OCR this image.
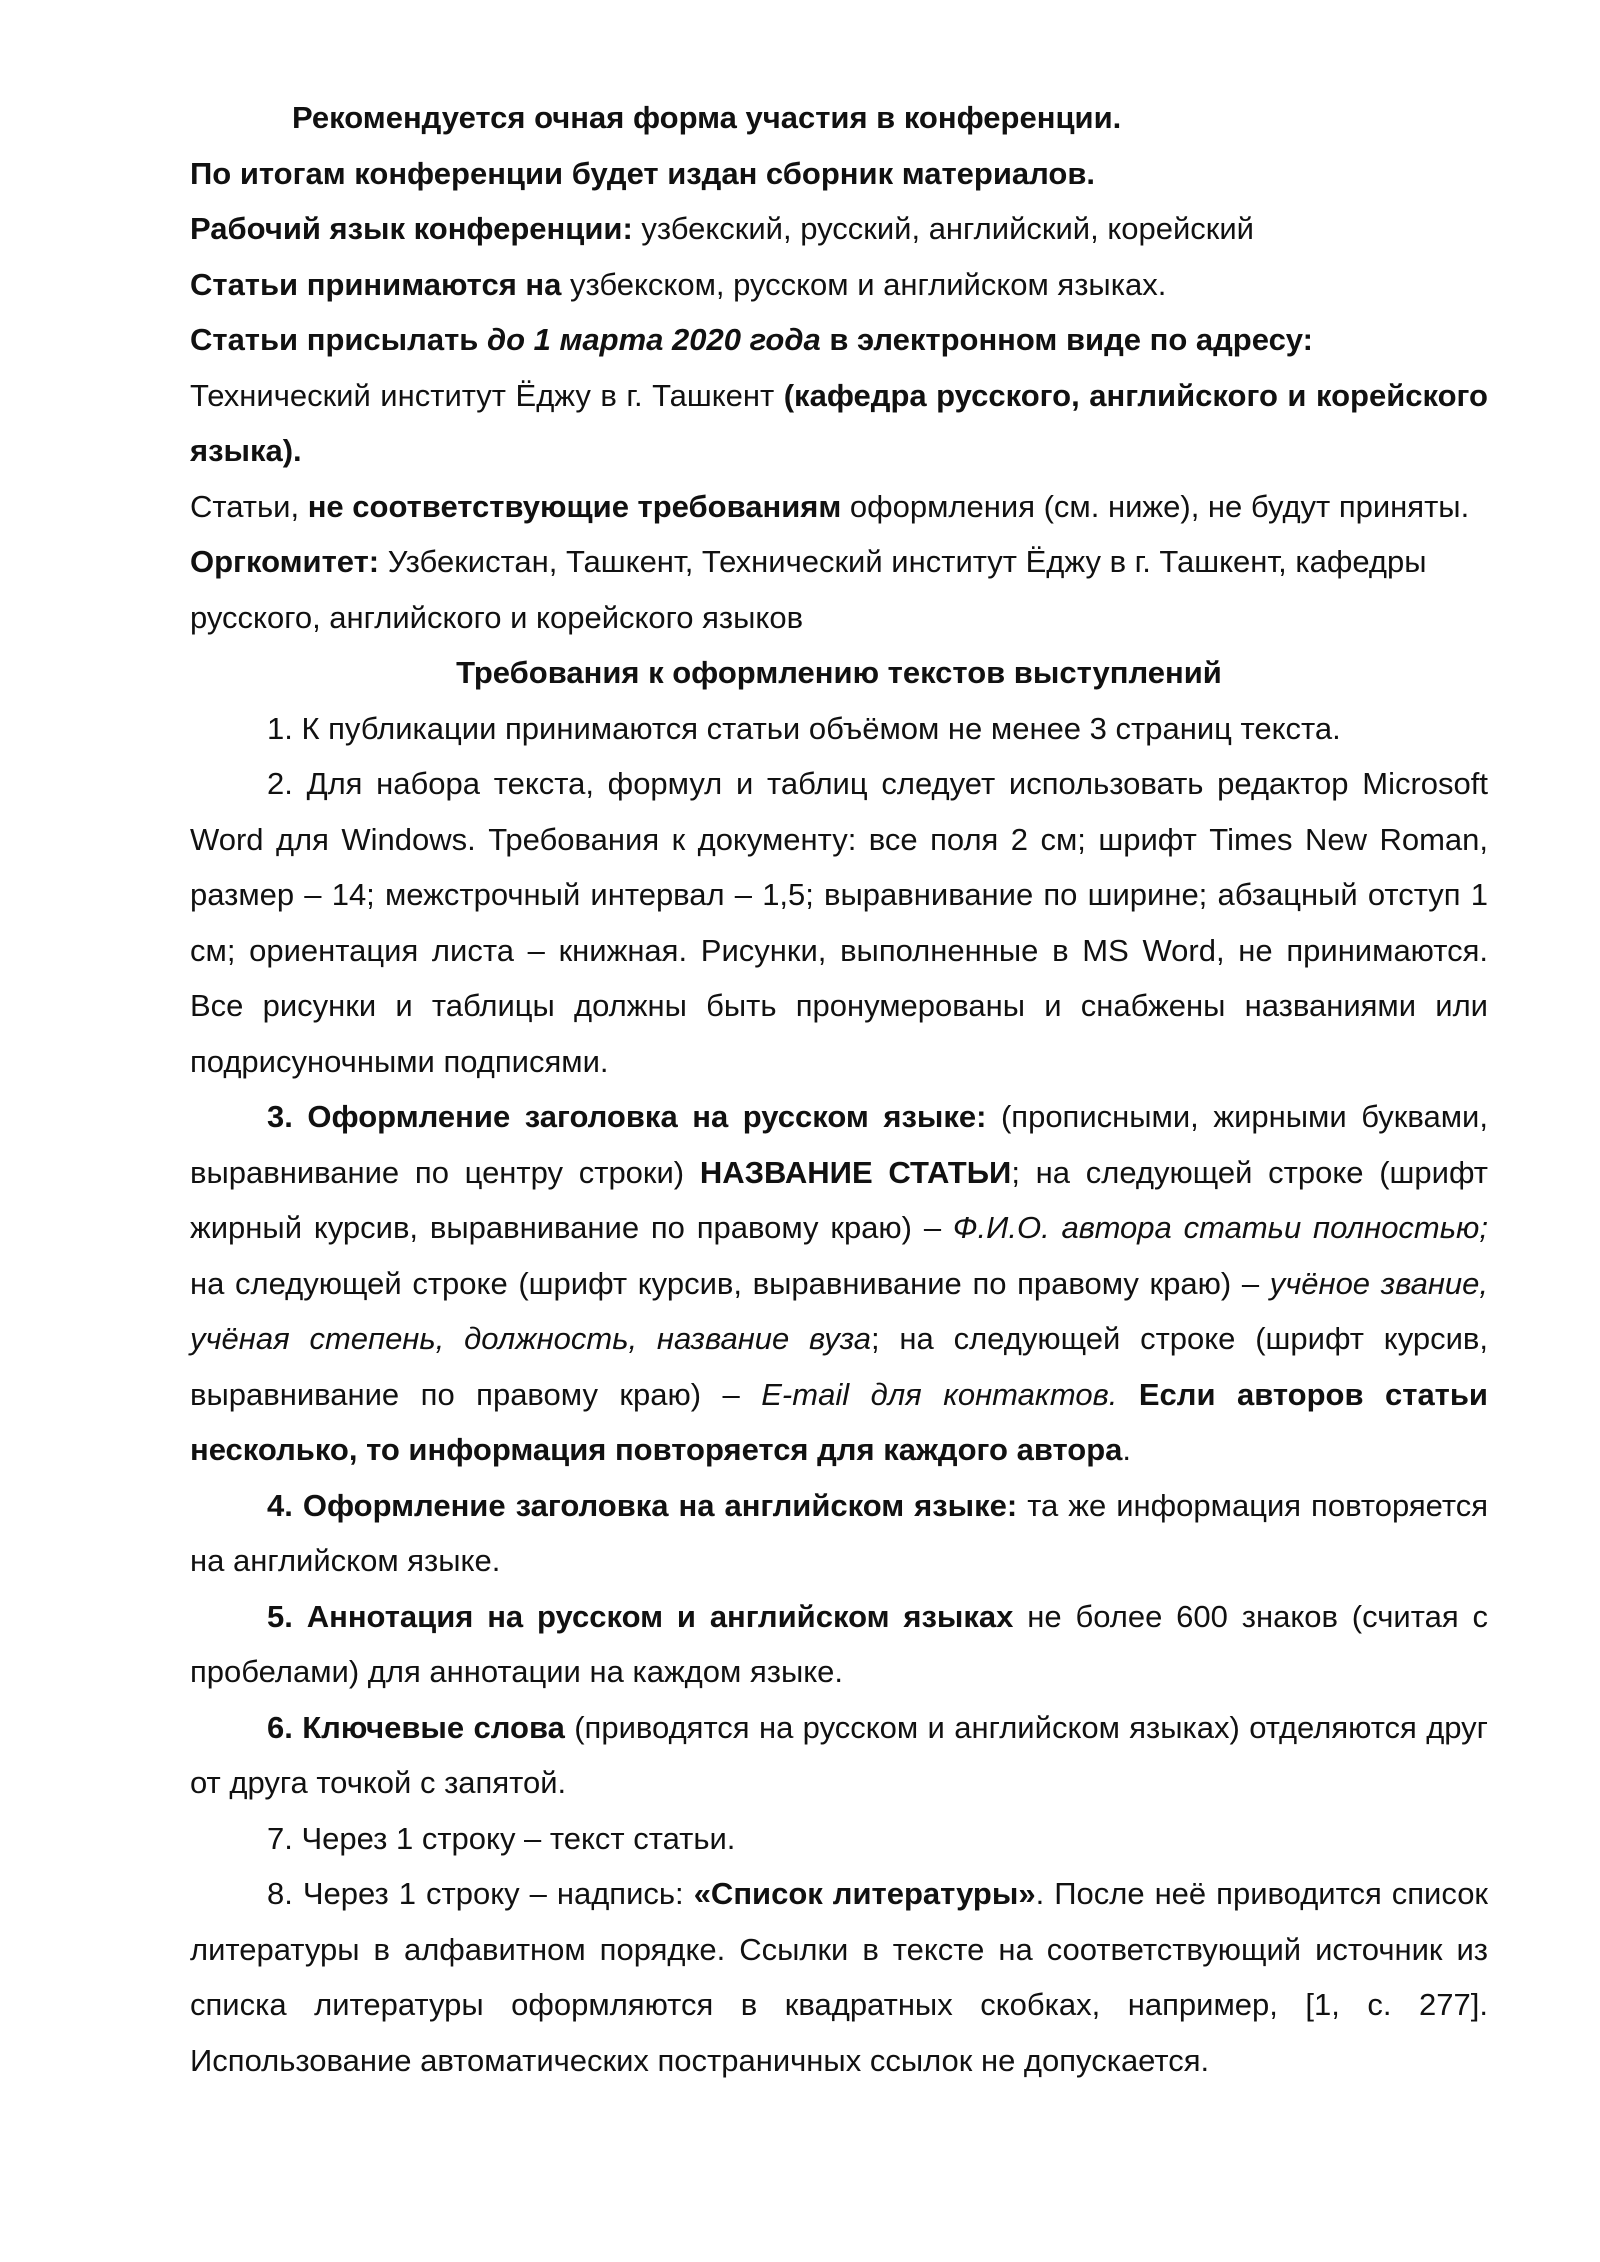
Рекомендуется очная форма участия в конференции.

По итогам конференции будет издан сборник материалов.

Рабочий язык конференции: узбекский, русский, английский, корейский

Статьи принимаются на узбекском, русском и английском языках.

Статьи присылать до 1 марта 2020 года в электронном виде по адресу:

Технический институт Ёджу в г. Ташкент (кафедра русского, английского и корейского языка).

Статьи, не соответствующие требованиям оформления (см. ниже), не будут приняты.

Оргкомитет: Узбекистан, Ташкент, Технический институт Ёджу в г. Ташкент, кафедры русского, английского и корейского языков

Требования к оформлению текстов выступлений

1. К публикации принимаются статьи объёмом не менее 3 страниц текста.

2. Для набора текста, формул и таблиц следует использовать редактор Microsoft Word для Windows. Требования к документу: все поля 2 см; шрифт Times New Roman, размер – 14; межстрочный интервал – 1,5; выравнивание по ширине; абзацный отступ 1 см; ориентация листа – книжная. Рисунки, выполненные в MS Word, не принимаются. Все рисунки и таблицы должны быть пронумерованы и снабжены названиями или подрисуночными подписями.

3. Оформление заголовка на русском языке: (прописными, жирными буквами, выравнивание по центру строки) НАЗВАНИЕ СТАТЬИ; на следующей строке (шрифт жирный курсив, выравнивание по правому краю) – Ф.И.О. автора статьи полностью; на следующей строке (шрифт курсив, выравнивание по правому краю) – учёное звание, учёная степень, должность, название вуза; на следующей строке (шрифт курсив, выравнивание по правому краю) – E-mail для контактов. Если авторов статьи несколько, то информация повторяется для каждого автора.

4. Оформление заголовка на английском языке: та же информация повторяется на английском языке.

5. Аннотация на русском и английском языках не более 600 знаков (считая с пробелами) для аннотации на каждом языке.

6. Ключевые слова (приводятся на русском и английском языках) отделяются друг от друга точкой с запятой.

7. Через 1 строку – текст статьи.

8. Через 1 строку – надпись: «Список литературы». После неё приводится список литературы в алфавитном порядке. Ссылки в тексте на соответствующий источник из списка литературы оформляются в квадратных скобках, например, [1, с. 277]. Использование автоматических постраничных ссылок не допускается.
